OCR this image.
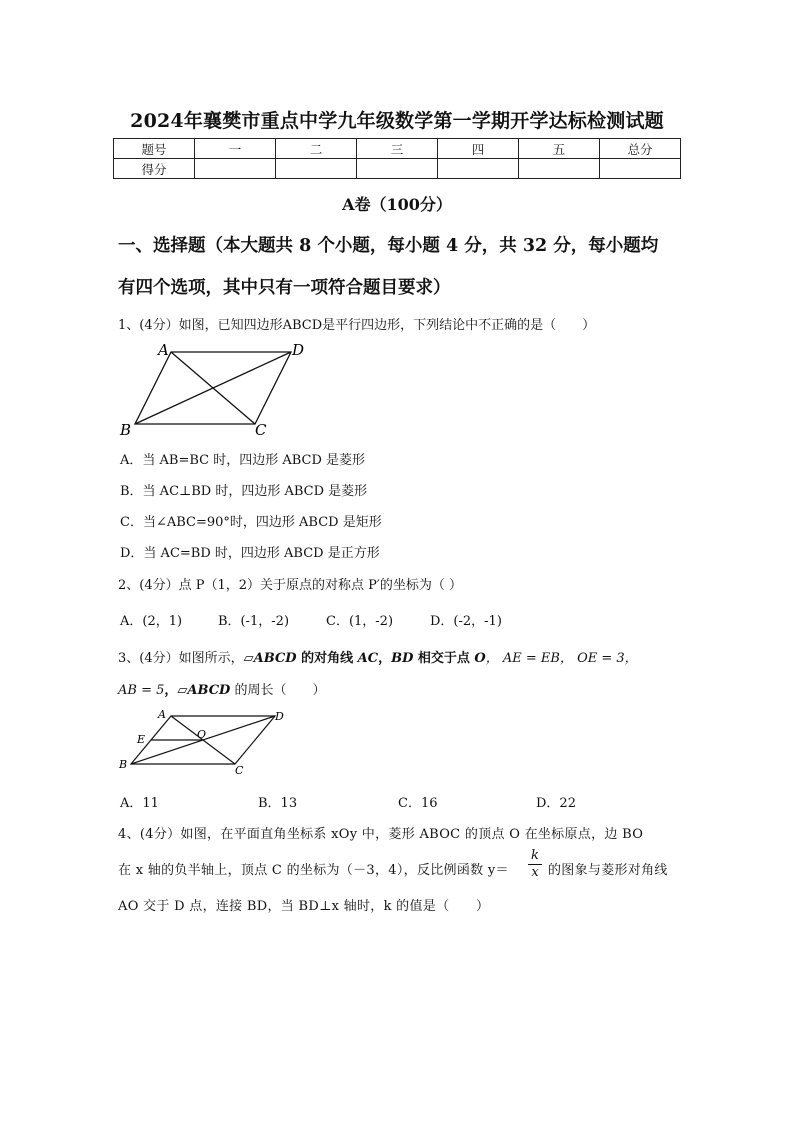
2024年襄樊市重点中学九年级数学第一学期开学达标检测试题
题号	一	二	三	四	五	总分
得分						
A卷（100分）
一、选择题（本大题共 8 个小题，每小题 4 分，共 32 分，每小题均
有四个选项，其中只有一项符合题目要求）
1、(4分）如图，已知四边形ABCD是平行四边形，下列结论中不正确的是（　　）
A	D
B	C
A．当 AB=BC 时，四边形 ABCD 是菱形
B．当 AC⊥BD 时，四边形 ABCD 是菱形
C．当∠ABC=90°时，四边形 ABCD 是矩形
D．当 AC=BD 时，四边形 ABCD 是正方形
2、(4分）点 P（1，2）关于原点的对称点 P′的坐标为（ ）
A．(2，1)	B．(-1，-2)	C．(1，-2)	D．(-2，-1)
3、(4分）如图所示，▱ABCD 的对角线 AC，BD 相交于点 O， AE = EB， OE = 3，
AB = 5，▱ABCD 的周长（　　）
A	D
E	O
B	C
A．11	B．13	C．16	D．22
4、(4分）如图，在平面直角坐标系 xOy 中，菱形 ABOC 的顶点 O 在坐标原点，边 BO
在 x 轴的负半轴上，顶点 C 的坐标为（－3，4），反比例函数 $y= \frac{k}{x}$ 的图象与菱形对角线
AO 交于 D 点，连接 BD，当 BD⊥x 轴时，k 的值是（　　）
